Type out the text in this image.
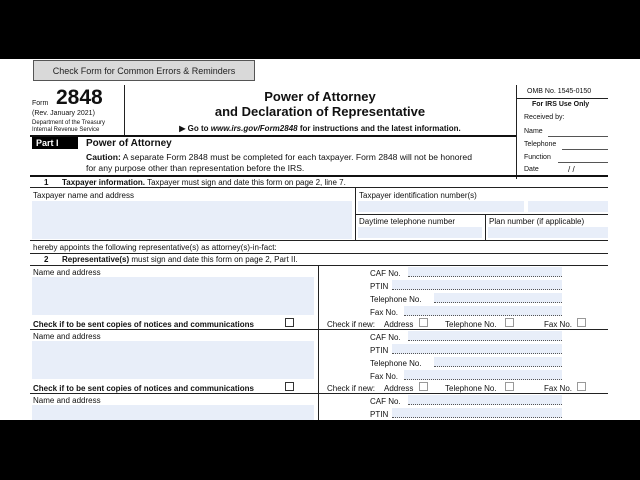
Check Form for Common Errors & Reminders
Form 2848
(Rev. January 2021)
Department of the Treasury
Internal Revenue Service
Power of Attorney
and Declaration of Representative
▶ Go to www.irs.gov/Form2848 for instructions and the latest information.
OMB No. 1545-0150
For IRS Use Only
Received by:
Name
Telephone
Function
Date	/ /
Part I	Power of Attorney
Caution: A separate Form 2848 must be completed for each taxpayer. Form 2848 will not be honored
for any purpose other than representation before the IRS.
1 Taxpayer information. Taxpayer must sign and date this form on page 2, line 7.
Taxpayer name and address	Taxpayer identification number(s)
Daytime telephone number	Plan number (if applicable)
hereby appoints the following representative(s) as attorney(s)-in-fact:
2 Representative(s) must sign and date this form on page 2, Part II.
Name and address	CAF No.
PTIN
Telephone No.
Fax No.
Check if to be sent copies of notices and communications	Check if new: Address	Telephone No.	Fax No.
Name and address	CAF No.
PTIN
Telephone No.
Fax No.
Check if to be sent copies of notices and communications	Check if new: Address	Telephone No.	Fax No.
Name and address	CAF No.
PTIN
